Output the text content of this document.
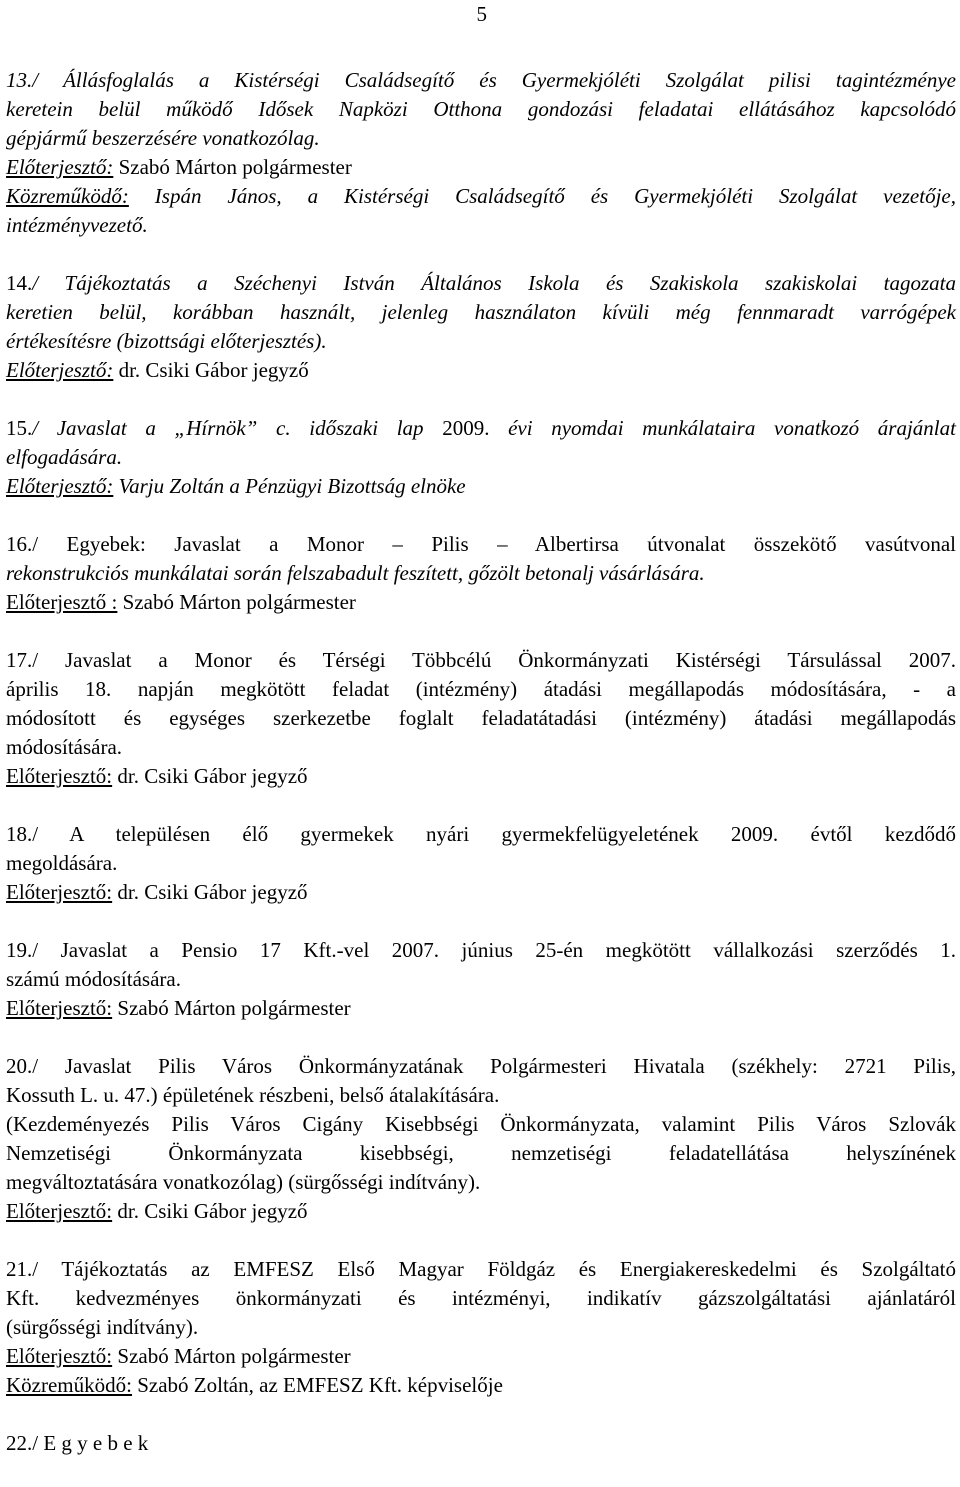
5
13./ Állásfoglalás a Kistérségi Családsegítő és Gyermekjóléti Szolgálat pilisi tagintézménye
keretein belül működő Idősek Napközi Otthona gondozási feladatai ellátásához kapcsolódó
gépjármű beszerzésére vonatkozólag.
Előterjesztő: Szabó Márton polgármester
Közreműködő: Ispán János, a Kistérségi Családsegítő és Gyermekjóléti Szolgálat vezetője,
intézményvezető.
14./ Tájékoztatás a Széchenyi István Általános Iskola és Szakiskola szakiskolai tagozata
keretien belül, korábban használt, jelenleg használaton kívüli még fennmaradt varrógépek
értékesítésre (bizottsági előterjesztés).
Előterjesztő: dr. Csiki Gábor jegyző
15./ Javaslat a „Hírnök” c. időszaki lap 2009. évi nyomdai munkálataira vonatkozó árajánlat
elfogadására.
Előterjesztő: Varju Zoltán a Pénzügyi Bizottság elnöke
16./ Egyebek: Javaslat a Monor – Pilis – Albertirsa útvonalat összekötő vasútvonal
rekonstrukciós munkálatai során felszabadult feszített, gőzölt betonalj vásárlására.
Előterjesztő : Szabó Márton polgármester
17./ Javaslat a Monor és Térségi Többcélú Önkormányzati Kistérségi Társulással 2007.
április 18. napján megkötött feladat (intézmény) átadási megállapodás módosítására, - a
módosított és egységes szerkezetbe foglalt feladatátadási (intézmény) átadási megállapodás
módosítására.
Előterjesztő: dr. Csiki Gábor jegyző
18./ A településen élő gyermekek nyári gyermekfelügyeletének 2009. évtől kezdődő
megoldására.
Előterjesztő: dr. Csiki Gábor jegyző
19./ Javaslat a Pensio 17 Kft.-vel 2007. június 25-én megkötött vállalkozási szerződés 1.
számú módosítására.
Előterjesztő: Szabó Márton polgármester
20./ Javaslat Pilis Város Önkormányzatának Polgármesteri Hivatala (székhely: 2721 Pilis,
Kossuth L. u. 47.) épületének részbeni, belső átalakítására.
(Kezdeményezés Pilis Város Cigány Kisebbségi Önkormányzata, valamint Pilis Város Szlovák
Nemzetiségi Önkormányzata kisebbségi, nemzetiségi feladatellátása helyszínének
megváltoztatására vonatkozólag) (sürgősségi indítvány).
Előterjesztő: dr. Csiki Gábor jegyző
21./ Tájékoztatás az EMFESZ Első Magyar Földgáz és Energiakereskedelmi és Szolgáltató
Kft. kedvezményes önkormányzati és intézményi, indikatív gázszolgáltatási ajánlatáról
(sürgősségi indítvány).
Előterjesztő: Szabó Márton polgármester
Közreműködő: Szabó Zoltán, az EMFESZ Kft. képviselője
22./ E g y e b e k
